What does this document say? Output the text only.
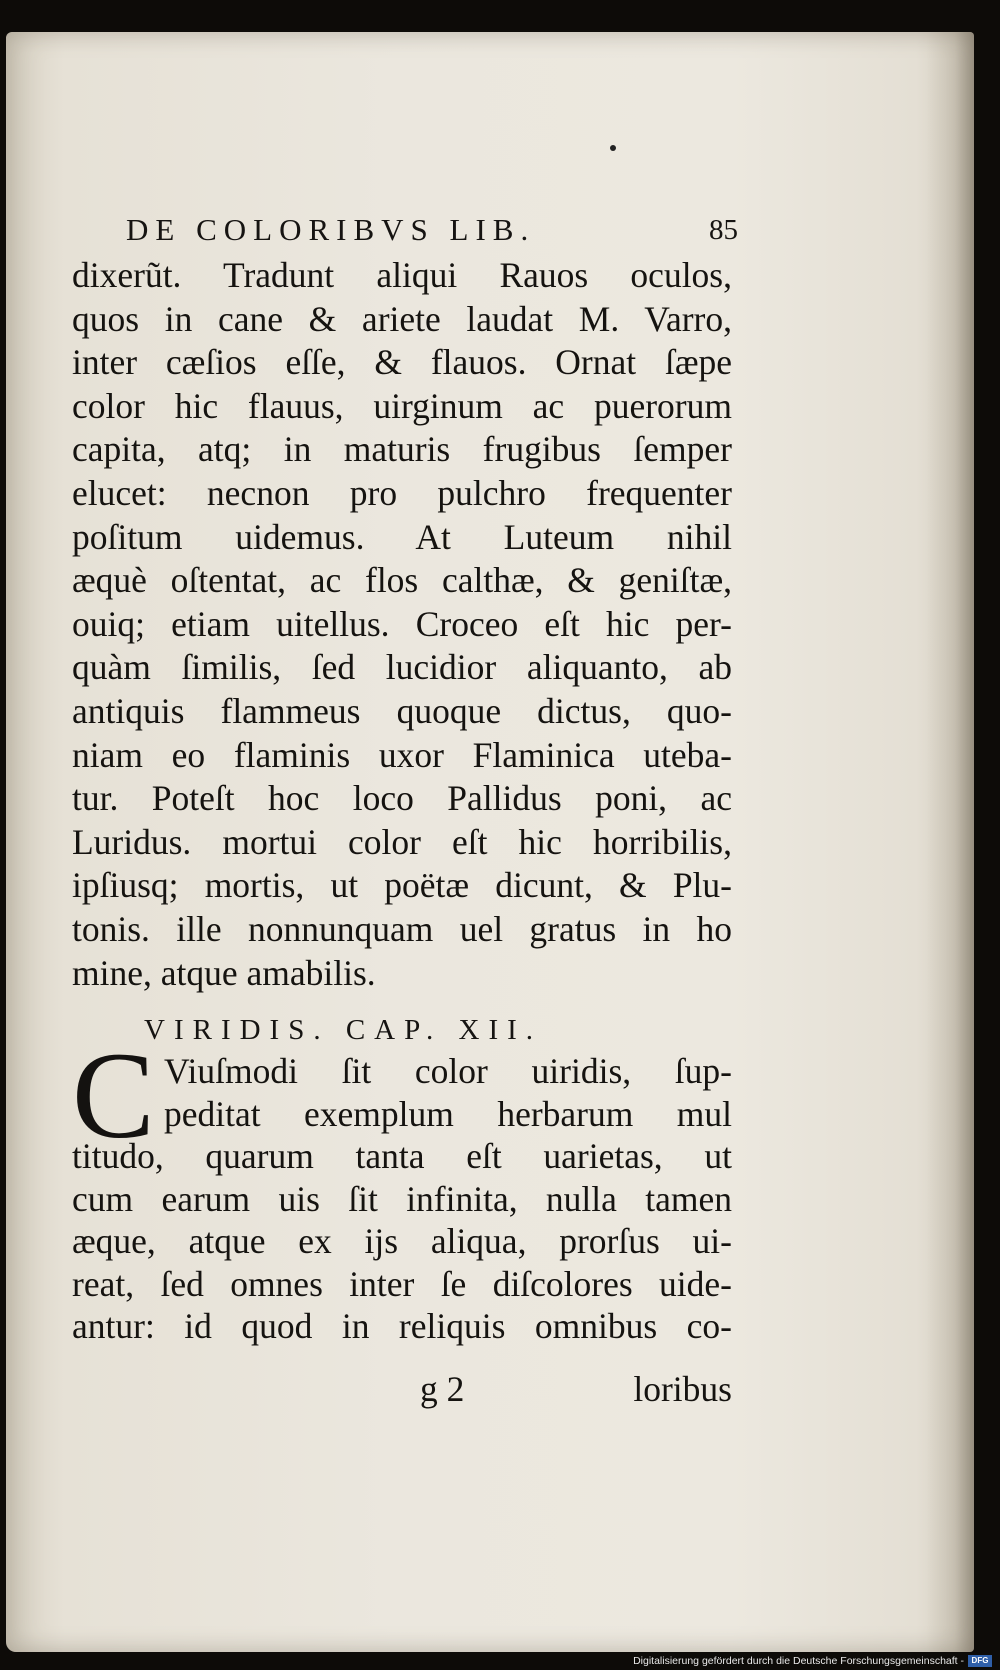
DE COLORIBVS LIB.	85
dixerũt. Tradunt aliqui Rauos oculos,
quos in cane & ariete laudat M. Varro,
inter cæſios eſſe, & flauos. Ornat ſæpe
color hic flauus, uirginum ac puerorum
capita, atq; in maturis frugibus ſemper
elucet: necnon pro pulchro frequenter
poſitum uidemus. At Luteum nihil
æquè oſtentat, ac flos calthæ, & geniſtæ,
ouiq; etiam uitellus. Croceo eſt hic per-
quàm ſimilis, ſed lucidior aliquanto, ab
antiquis flammeus quoque dictus, quo-
niam eo flaminis uxor Flaminica uteba-
tur. Poteſt hoc loco Pallidus poni, ac
Luridus. mortui color eſt hic horribilis,
ipſiusq; mortis, ut poëtæ dicunt, & Plu-
tonis. ille nonnunquam uel gratus in ho
mine, atque amabilis.
VIRIDIS. CAP. XII.
C Viuſmodi ſit color uiridis, ſup-
peditat exemplum herbarum mul
titudo, quarum tanta eſt uarietas, ut
cum earum uis ſit infinita, nulla tamen
æque, atque ex ijs aliqua, prorſus ui-
reat, ſed omnes inter ſe diſcolores uide-
antur: id quod in reliquis omnibus co-
g 2	loribus
Digitalisierung gefördert durch die Deutsche Forschungsgemeinschaft - DFG
